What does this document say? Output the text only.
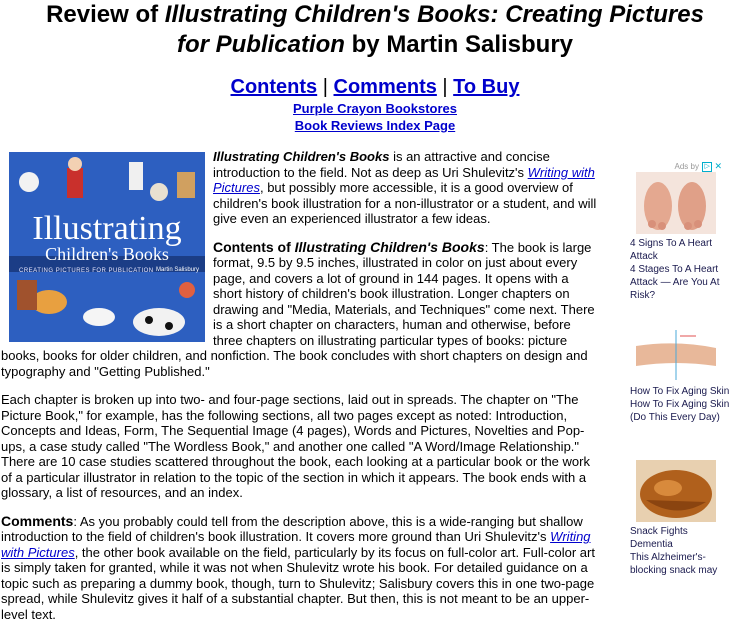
Review of Illustrating Children's Books: Creating Pictures
for Publication by Martin Salisbury
Contents | Comments | To Buy
Purple Crayon Bookstores
Book Reviews Index Page
Illustrating
Children's Books
CREATING PICTURES FOR PUBLICATION Martin Salisbury

Illustrating Children's Books is an attractive and concise introduction to the field. Not as deep as Uri Shulevitz's Writing with Pictures, but possibly more accessible, it is a good overview of children's book illustration for a non-illustrator or a student, and will give even an experienced illustrator a few ideas.

Contents of Illustrating Children's Books: The book is large format, 9.5 by 9.5 inches, illustrated in color on just about every page, and covers a lot of ground in 144 pages. It opens with a short history of children's book illustration. Longer chapters on drawing and "Media, Materials, and Techniques" come next. There is a short chapter on characters, human and otherwise, before three chapters on illustrating particular types of books: picture books, books for older children, and nonfiction. The book concludes with short chapters on design and typography and "Getting Published."

Each chapter is broken up into two- and four-page sections, laid out in spreads. The chapter on "The Picture Book," for example, has the following sections, all two pages except as noted: Introduction, Concepts and Ideas, Form, The Sequential Image (4 pages), Words and Pictures, Novelties and Pop-ups, a case study called "The Wordless Book," and another one called "A Word/Image Relationship." There are 10 case studies scattered throughout the book, each looking at a particular book or the work of a particular illustrator in relation to the topic of the section in which it appears. The book ends with a glossary, a list of resources, and an index.

Comments: As you probably could tell from the description above, this is a wide-ranging but shallow introduction to the field of children's book illustration. It covers more ground than Uri Shulevitz's Writing with Pictures, the other book available on the field, particularly by its focus on full-color art. Full-color art is simply taken for granted, while it was not when Shulevitz wrote his book. For detailed guidance on a topic such as preparing a dummy book, though, turn to Shulevitz; Salisbury covers this in one two-page spread, while Shulevitz gives it half of a substantial chapter. But then, this is not meant to be an upper-level text.

Ads by ▷ ✕
4 Signs To A Heart Attack
4 Stages To A Heart Attack — Are You At Risk?
How To Fix Aging Skin
How To Fix Aging Skin (Do This Every Day)
Snack Fights Dementia
This Alzheimer's-blocking snack may
